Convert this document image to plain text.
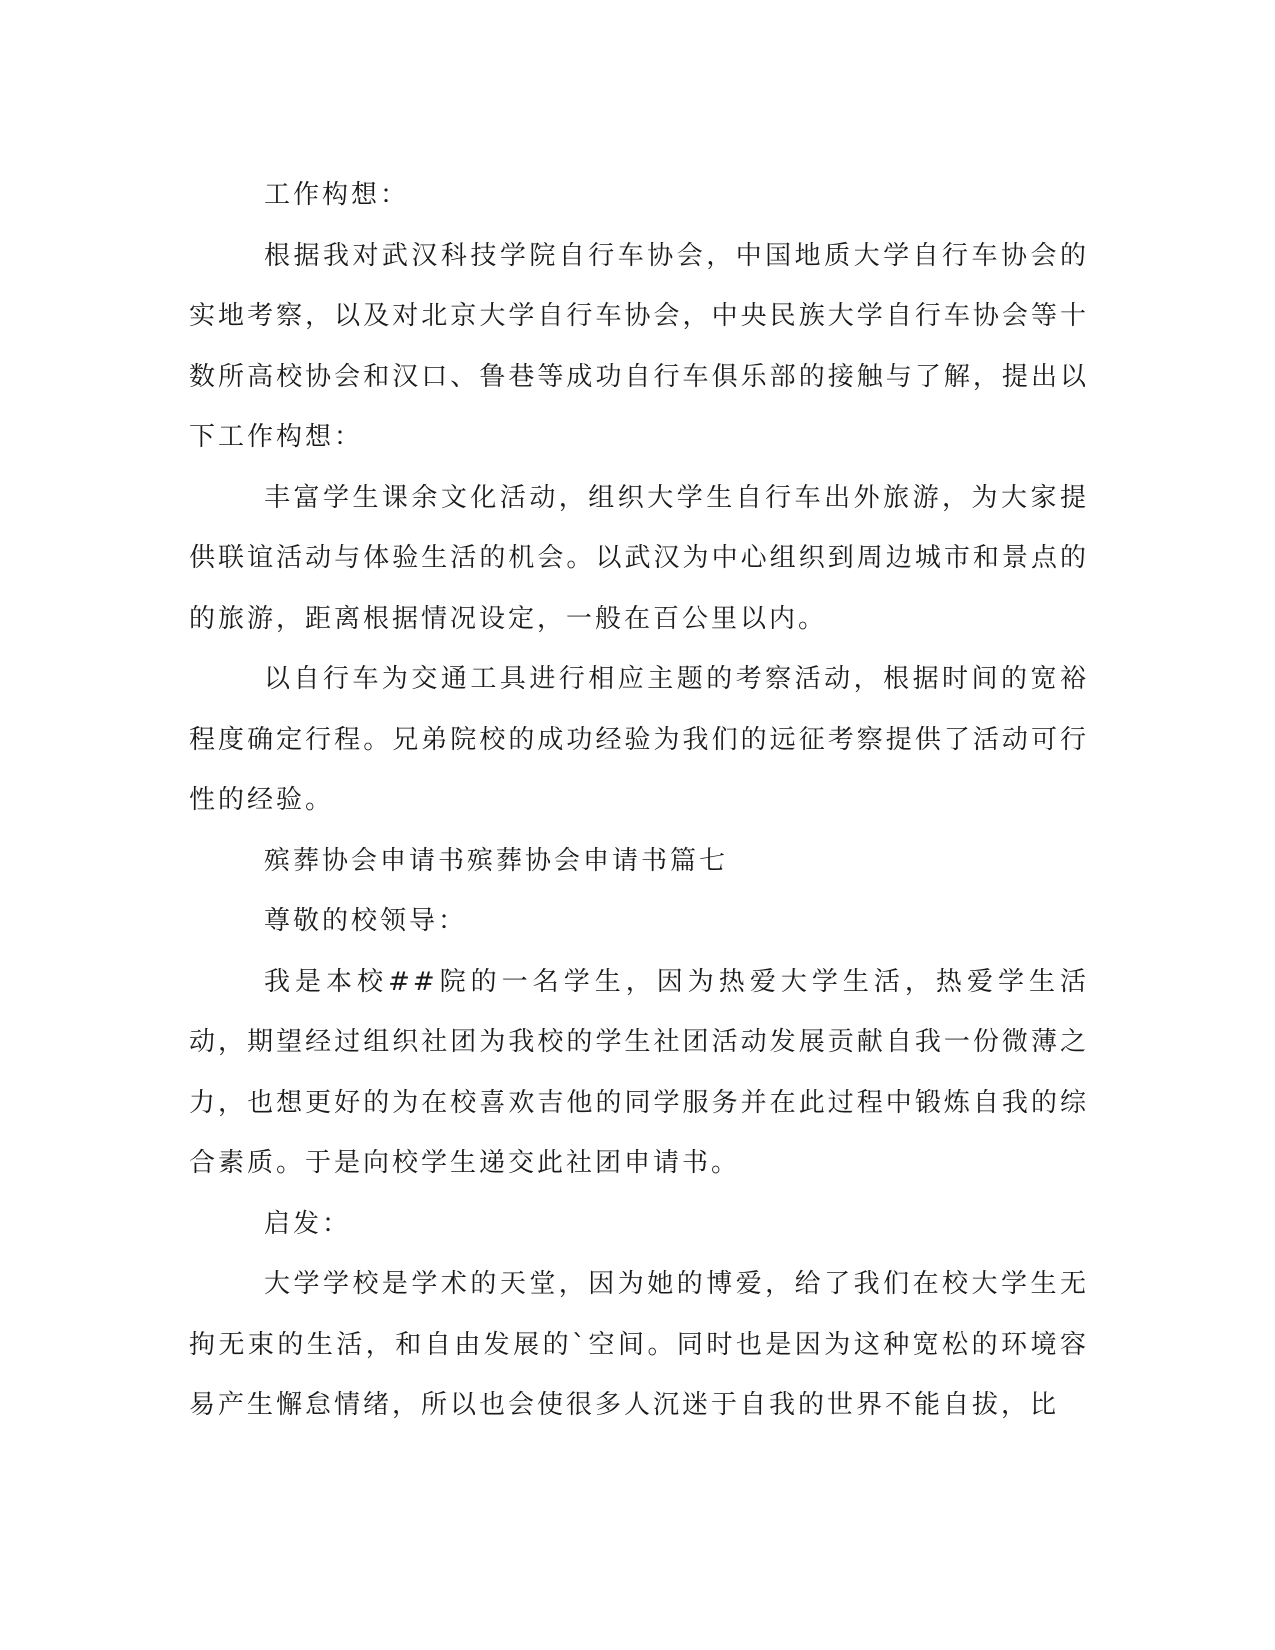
工作构想：

根据我对武汉科技学院自行车协会，中国地质大学自行车协会的实地考察，以及对北京大学自行车协会，中央民族大学自行车协会等十数所高校协会和汉口、鲁巷等成功自行车俱乐部的接触与了解，提出以下工作构想：

丰富学生课余文化活动，组织大学生自行车出外旅游，为大家提供联谊活动与体验生活的机会。以武汉为中心组织到周边城市和景点的的旅游，距离根据情况设定，一般在百公里以内。

以自行车为交通工具进行相应主题的考察活动，根据时间的宽裕程度确定行程。兄弟院校的成功经验为我们的远征考察提供了活动可行性的经验。

殡葬协会申请书殡葬协会申请书篇七

尊敬的校领导：

我是本校##院的一名学生，因为热爱大学生活，热爱学生活动，期望经过组织社团为我校的学生社团活动发展贡献自我一份微薄之力，也想更好的为在校喜欢吉他的同学服务并在此过程中锻炼自我的综合素质。于是向校学生递交此社团申请书。

启发：

大学学校是学术的天堂，因为她的博爱，给了我们在校大学生无拘无束的生活，和自由发展的`空间。同时也是因为这种宽松的环境容易产生懈怠情绪，所以也会使很多人沉迷于自我的世界不能自拔，比
